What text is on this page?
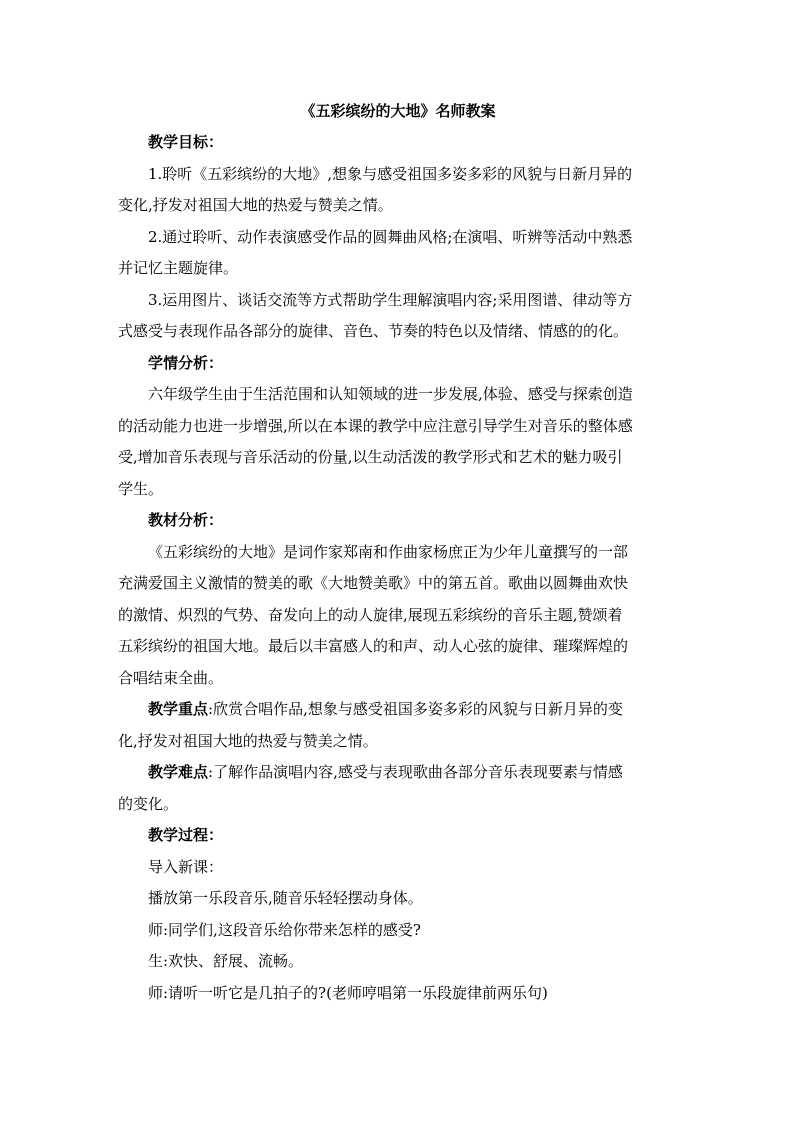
《五彩缤纷的大地》名师教案

教学目标：

1.聆听《五彩缤纷的大地》,想象与感受祖国多姿多彩的风貌与日新月异的

变化,抒发对祖国大地的热爱与赞美之情。

2.通过聆听、动作表演感受作品的圆舞曲风格;在演唱、听辨等活动中熟悉

并记忆主题旋律。

3.运用图片、谈话交流等方式帮助学生理解演唱内容;采用图谱、律动等方

式感受与表现作品各部分的旋律、音色、节奏的特色以及情绪、情感的的化。

学情分析：

六年级学生由于生活范围和认知领域的进一步发展,体验、感受与探索创造

的活动能力也进一步增强,所以在本课的教学中应注意引导学生对音乐的整体感

受,增加音乐表现与音乐活动的份量,以生动活泼的教学形式和艺术的魅力吸引

学生。

教材分析：

《五彩缤纷的大地》是词作家郑南和作曲家杨庶正为少年儿童撰写的一部

充满爱国主义激情的赞美的歌《大地赞美歌》中的第五首。歌曲以圆舞曲欢快

的激情、炽烈的气势、奋发向上的动人旋律,展现五彩缤纷的音乐主题,赞颂着

五彩缤纷的祖国大地。最后以丰富感人的和声、动人心弦的旋律、璀璨辉煌的

合唱结束全曲。

教学重点:欣赏合唱作品,想象与感受祖国多姿多彩的风貌与日新月异的变

化,抒发对祖国大地的热爱与赞美之情。

教学难点:了解作品演唱内容,感受与表现歌曲各部分音乐表现要素与情感

的变化。

教学过程：

导入新课：

播放第一乐段音乐,随音乐轻轻摆动身体。

师:同学们,这段音乐给你带来怎样的感受?

生:欢快、舒展、流畅。

师:请听一听它是几拍子的?(老师哼唱第一乐段旋律前两乐句)
